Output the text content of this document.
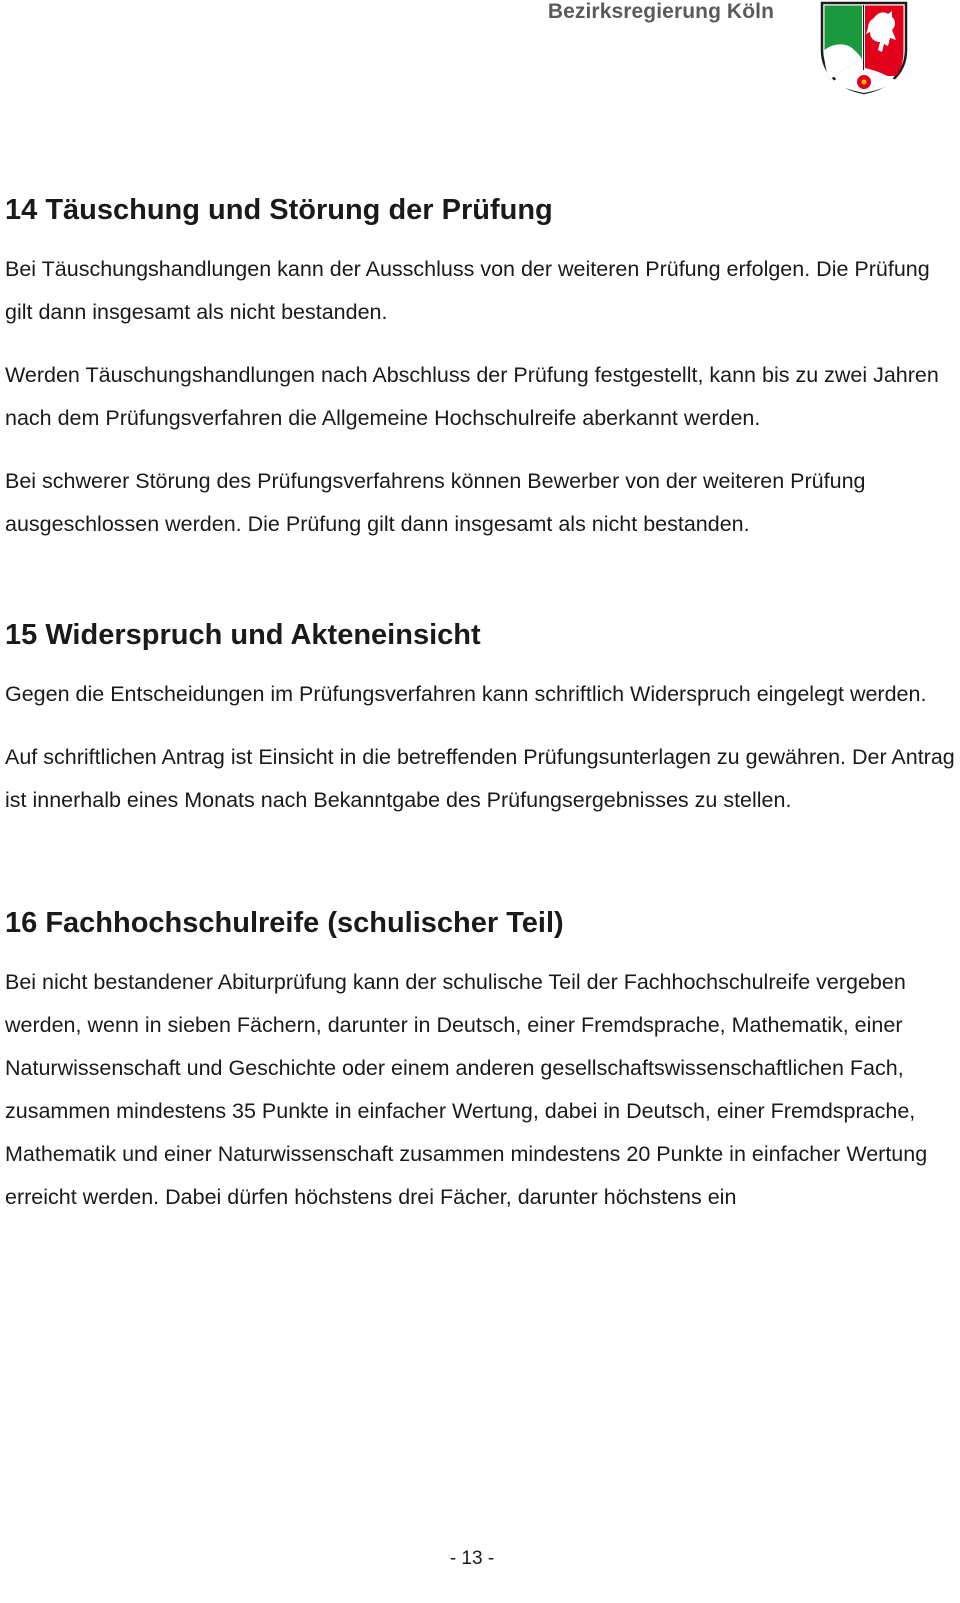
Bezirksregierung Köln
14 Täuschung und Störung der Prüfung

Bei Täuschungshandlungen kann der Ausschluss von der weiteren Prüfung erfolgen. Die Prüfung gilt dann insgesamt als nicht bestanden.

Werden Täuschungshandlungen nach Abschluss der Prüfung festgestellt, kann bis zu zwei Jahren nach dem Prüfungsverfahren die Allgemeine Hochschulreife aberkannt werden.

Bei schwerer Störung des Prüfungsverfahrens können Bewerber von der weiteren Prüfung ausgeschlossen werden. Die Prüfung gilt dann insgesamt als nicht bestanden.

15 Widerspruch und Akteneinsicht

Gegen die Entscheidungen im Prüfungsverfahren kann schriftlich Widerspruch eingelegt werden.

Auf schriftlichen Antrag ist Einsicht in die betreffenden Prüfungsunterlagen zu gewähren. Der Antrag ist innerhalb eines Monats nach Bekanntgabe des Prüfungsergebnisses zu stellen.

16 Fachhochschulreife (schulischer Teil)

Bei nicht bestandener Abiturprüfung kann der schulische Teil der Fachhochschulreife vergeben werden, wenn in sieben Fächern, darunter in Deutsch, einer Fremdsprache, Mathematik, einer Naturwissenschaft und Geschichte oder einem anderen gesellschaftswissenschaftlichen Fach, zusammen mindestens 35 Punkte in einfacher Wertung, dabei in Deutsch, einer Fremdsprache, Mathematik und einer Naturwissenschaft zusammen mindestens 20 Punkte in einfacher Wertung erreicht werden. Dabei dürfen höchstens drei Fächer, darunter höchstens ein

- 13 -
